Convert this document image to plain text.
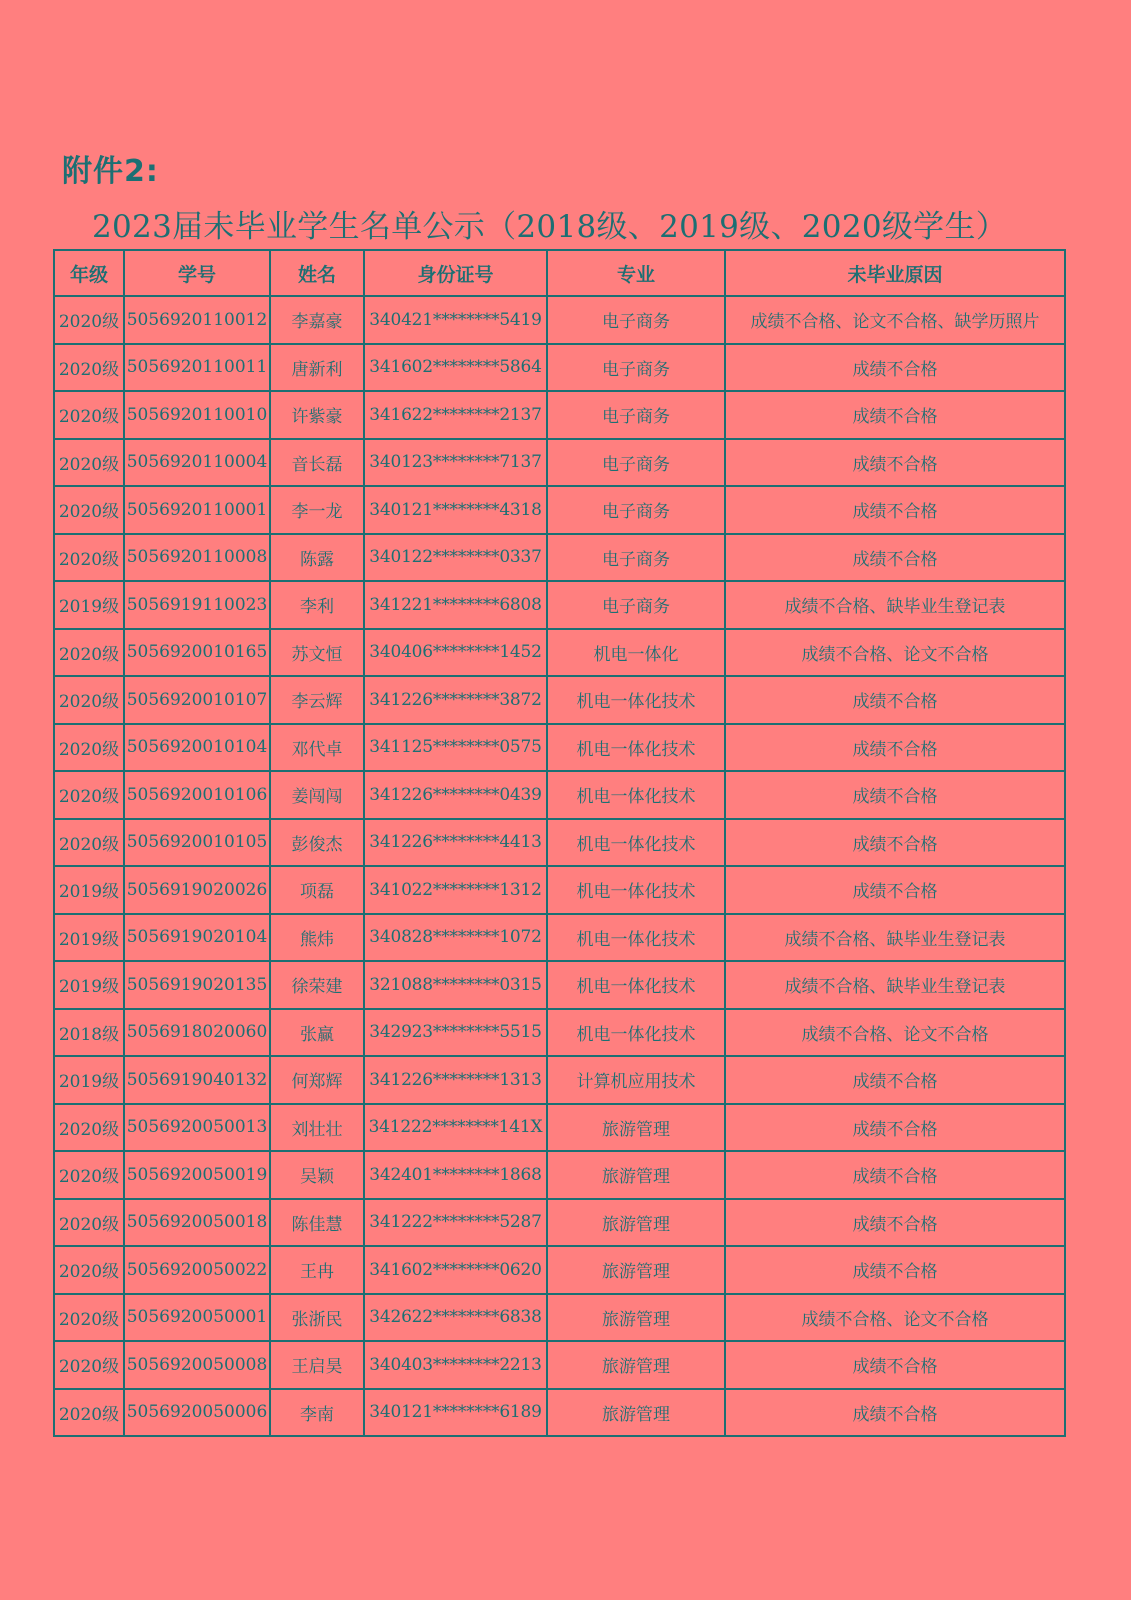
附件2:
2023届未毕业学生名单公示（2018级、2019级、2020级学生）
年级	学号	姓名	身份证号	专业	未毕业原因
2020级	5056920110012	李嘉豪	340421********5419	电子商务	成绩不合格、论文不合格、缺学历照片
2020级	5056920110011	唐新利	341602********5864	电子商务	成绩不合格
2020级	5056920110010	许紫豪	341622********2137	电子商务	成绩不合格
2020级	5056920110004	音长磊	340123********7137	电子商务	成绩不合格
2020级	5056920110001	李一龙	340121********4318	电子商务	成绩不合格
2020级	5056920110008	陈露	340122********0337	电子商务	成绩不合格
2019级	5056919110023	李利	341221********6808	电子商务	成绩不合格、缺毕业生登记表
2020级	5056920010165	苏文恒	340406********1452	机电一体化	成绩不合格、论文不合格
2020级	5056920010107	李云辉	341226********3872	机电一体化技术	成绩不合格
2020级	5056920010104	邓代卓	341125********0575	机电一体化技术	成绩不合格
2020级	5056920010106	姜闯闯	341226********0439	机电一体化技术	成绩不合格
2020级	5056920010105	彭俊杰	341226********4413	机电一体化技术	成绩不合格
2019级	5056919020026	项磊	341022********1312	机电一体化技术	成绩不合格
2019级	5056919020104	熊炜	340828********1072	机电一体化技术	成绩不合格、缺毕业生登记表
2019级	5056919020135	徐荣建	321088********0315	机电一体化技术	成绩不合格、缺毕业生登记表
2018级	5056918020060	张赢	342923********5515	机电一体化技术	成绩不合格、论文不合格
2019级	5056919040132	何郑辉	341226********1313	计算机应用技术	成绩不合格
2020级	5056920050013	刘壮壮	341222********141X	旅游管理	成绩不合格
2020级	5056920050019	吴颖	342401********1868	旅游管理	成绩不合格
2020级	5056920050018	陈佳慧	341222********5287	旅游管理	成绩不合格
2020级	5056920050022	王冉	341602********0620	旅游管理	成绩不合格
2020级	5056920050001	张浙民	342622********6838	旅游管理	成绩不合格、论文不合格
2020级	5056920050008	王启昊	340403********2213	旅游管理	成绩不合格
2020级	5056920050006	李南	340121********6189	旅游管理	成绩不合格
